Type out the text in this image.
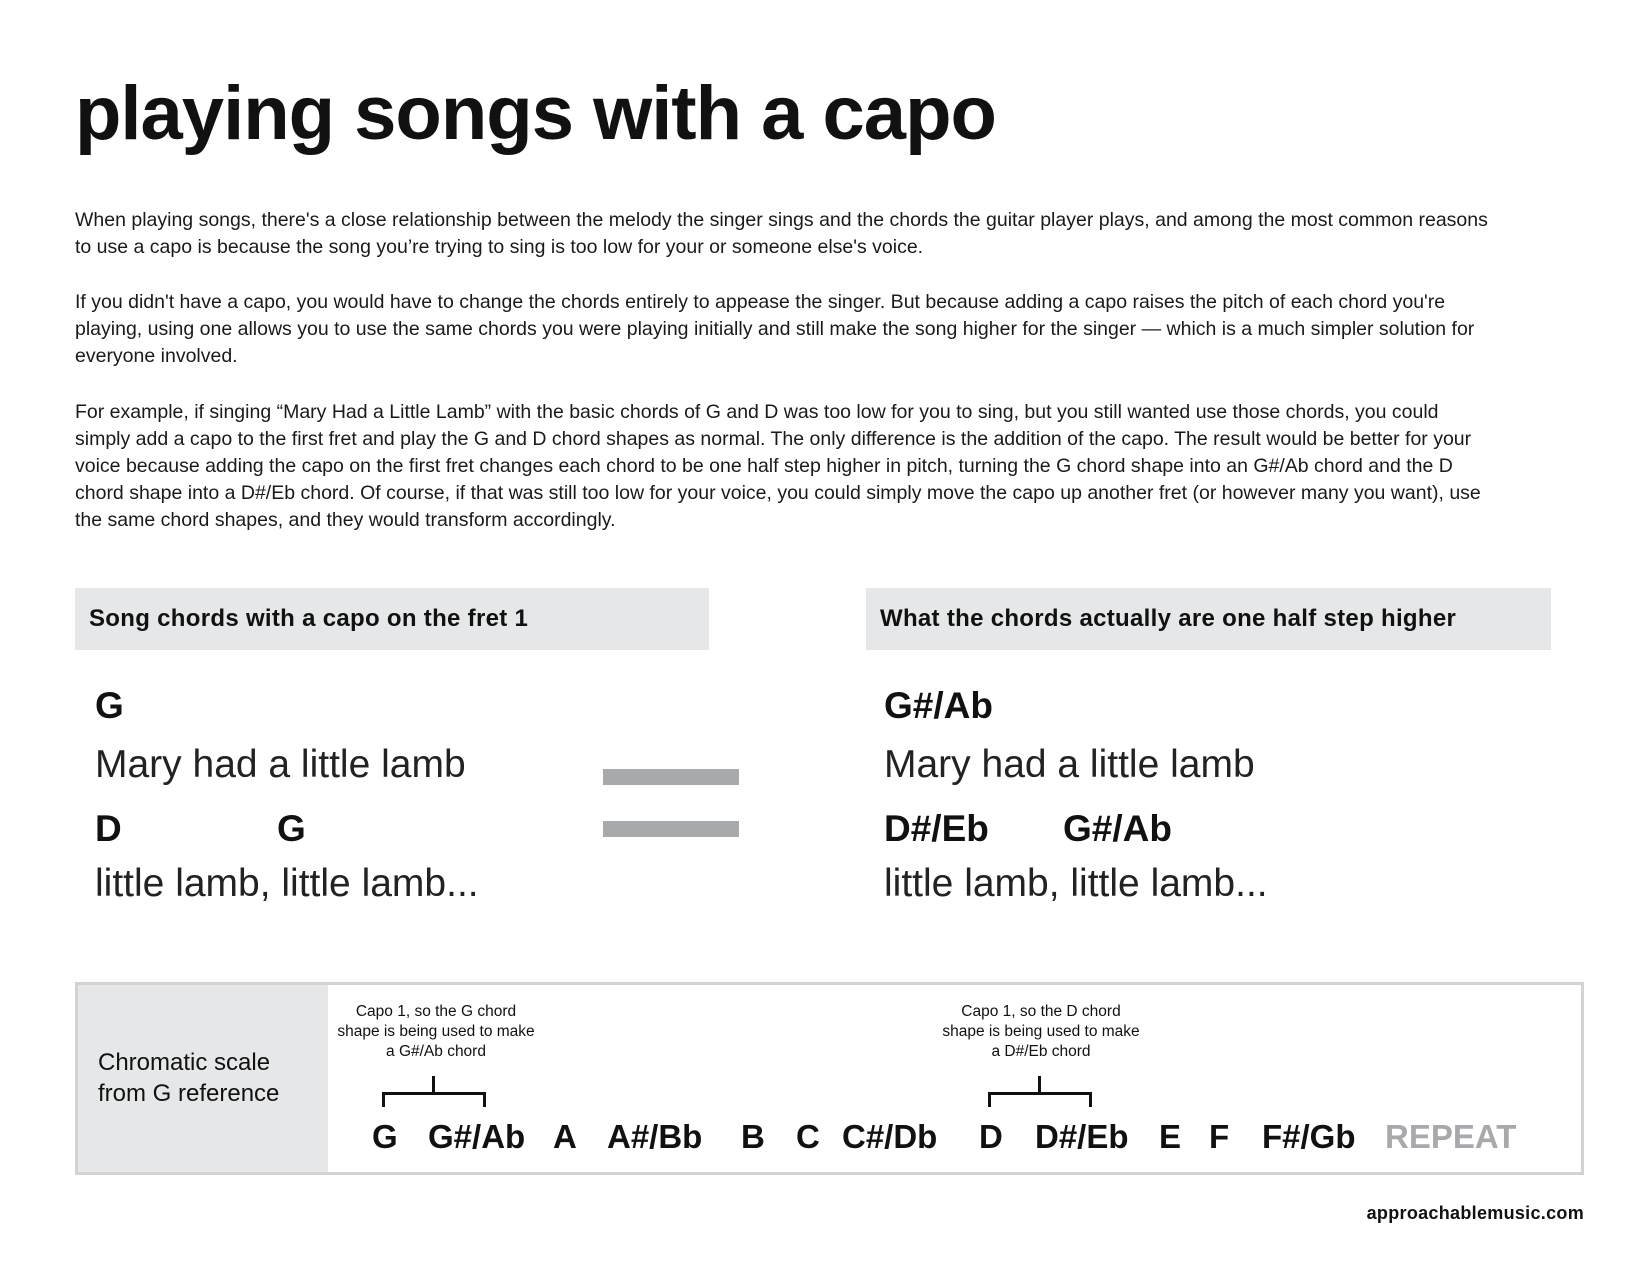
playing songs with a capo

When playing songs, there's a close relationship between the melody the singer sings and the chords the guitar player plays, and among the most common reasons to use a capo is because the song you’re trying to sing is too low for your or someone else's voice.

If you didn't have a capo, you would have to change the chords entirely to appease the singer. But because adding a capo raises the pitch of each chord you're playing, using one allows you to use the same chords you were playing initially and still make the song higher for the singer — which is a much simpler solution for everyone involved.

For example, if singing “Mary Had a Little Lamb” with the basic chords of G and D was too low for you to sing, but you still wanted use those chords, you could simply add a capo to the first fret and play the G and D chord shapes as normal. The only difference is the addition of the capo. The result would be better for your voice because adding the capo on the first fret changes each chord to be one half step higher in pitch, turning the G chord shape into an G#/Ab chord and the D chord shape into a D#/Eb chord. Of course, if that was still too low for your voice, you could simply move the capo up another fret (or however many you want), use the same chord shapes, and they would transform accordingly.

Song chords with a capo on the fret 1
G
Mary had a little lamb
D	G
little lamb, little lamb...
What the chords actually are one half step higher
G#/Ab
Mary had a little lamb
D#/Eb G#/Ab
little lamb, little lamb...
Chromatic scale from G reference
Capo 1, so the G chord shape is being used to make a G#/Ab chord
Capo 1, so the D chord shape is being used to make a D#/Eb chord
G G#/Ab A A#/Bb B C C#/Db D D#/Eb E F F#/Gb REPEAT
approachablemusic.com
